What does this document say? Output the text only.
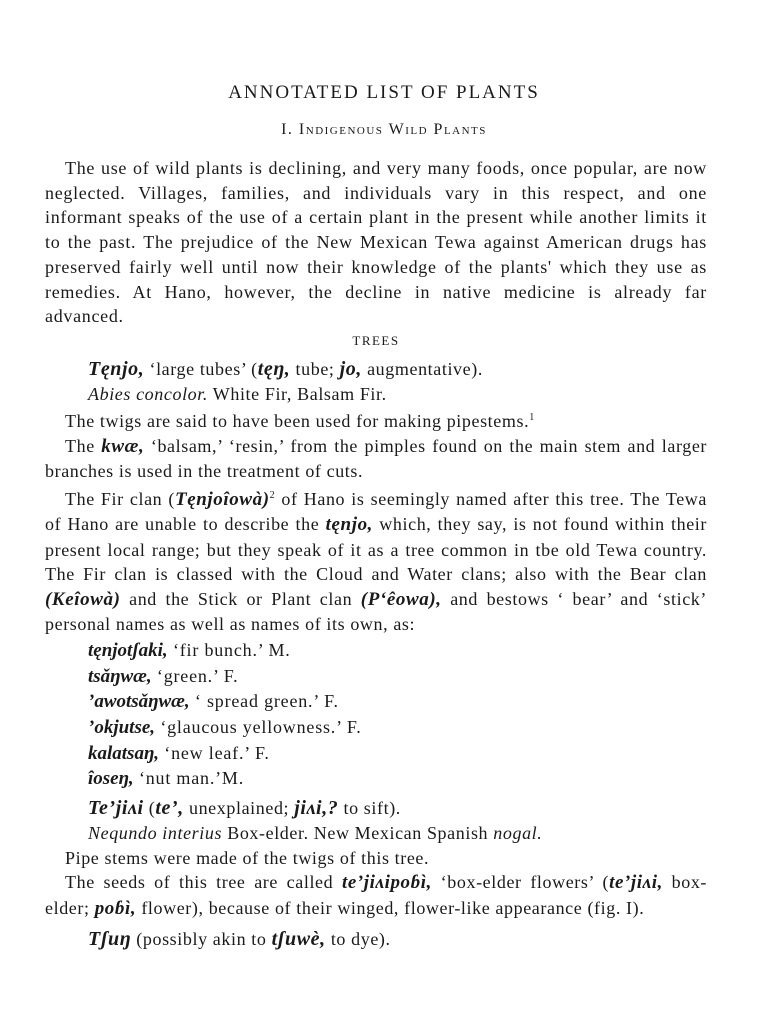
ANNOTATED LIST OF PLANTS
I. Indigenous Wild Plants

The use of wild plants is declining, and very many foods, once popular, are now neglected. Villages, families, and individuals vary in this respect, and one informant speaks of the use of a certain plant in the present while another limits it to the past. The prejudice of the New Mexican Tewa against American drugs has preserved fairly well until now their knowledge of the plants' which they use as remedies. At Hano, however, the decline in native medicine is already far advanced.

TREES

Tęnjo, ‘large tubes’ (tęŋ, tube; jo, augmentative).

Abies concolor. White Fir, Balsam Fir.

The twigs are said to have been used for making pipestems.$^1$

The kwæ, ‘balsam,’ ‘resin,’ from the pimples found on the main stem and larger branches is used in the treatment of cuts.

The Fir clan (Tęnjoîowà)$^2$ of Hano is seemingly named after this tree. The Tewa of Hano are unable to describe the tęnjo, which, they say, is not found within their present local range; but they speak of it as a tree common in tbe old Tewa country. The Fir clan is classed with the Cloud and Water clans; also with the Bear clan (Keîowà) and the Stick or Plant clan (P‘êowa), and bestows ‘ bear’ and ‘stick’ personal names as well as names of its own, as:

tęnjotʃaki, ‘fir bunch.’ M.
tsǎŋwæ, ‘green.’ F.
’awotsǎŋwæ, ‘ spread green.’ F.
’okjutse, ‘glaucous yellowness.’ F.
kalatsaŋ, ‘new leaf.’ F.
îoseŋ, ‘nut man.’M.

Te’jiʌi (te’, unexplained; jiʌi,? to sift).

Nequndo interius Box-elder. New Mexican Spanish nogal.

Pipe stems were made of the twigs of this tree.

The seeds of this tree are called te’jiʌipoɓì, ‘box-elder flowers’ (te’jiʌi, box-elder; poɓì, flower), because of their winged, flower-like appearance (fig. I).

Tʃuŋ (possibly akin to tʃuwè, to dye).
